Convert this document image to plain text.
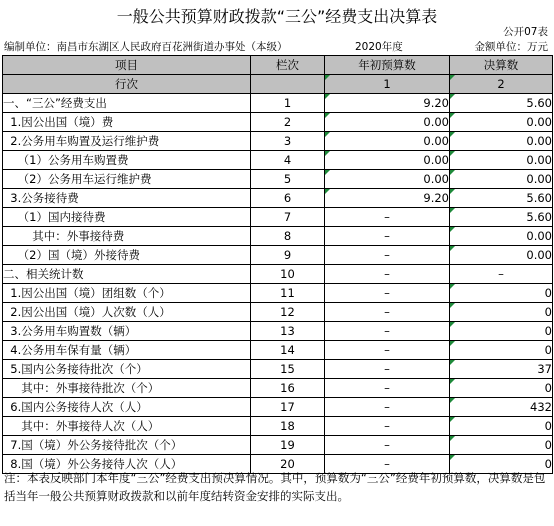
一般公共预算财政拨款“三公”经费支出决算表
公开07表
编制单位：南昌市东湖区人民政府百花洲街道办事处（本级）	2020年度	金额单位：万元
项目	栏次	年初预算数	决算数
行次		1	2
一、“三公”经费支出	1	9.20	5.60
1.因公出国（境）费	2	0.00	0.00
2.公务用车购置及运行维护费	3	0.00	0.00
（1）公务用车购置费	4	0.00	0.00
（2）公务用车运行维护费	5	0.00	0.00
3.公务接待费	6	9.20	5.60
（1）国内接待费	7	–	5.60
其中：外事接待费	8	–	0.00
（2）国（境）外接待费	9	–	0.00
二、相关统计数	10	–	–
1.因公出国（境）团组数（个）	11	–	0
2.因公出国（境）人次数（人）	12	–	0
3.公务用车购置数（辆）	13	–	0
4.公务用车保有量（辆）	14	–	0
5.国内公务接待批次（个）	15	–	37
其中：外事接待批次（个）	16	–	0
6.国内公务接待人次（人）	17	–	432
其中：外事接待人次（人）	18	–	0
7.国（境）外公务接待批次（个）	19	–	0
8.国（境）外公务接待人次（人）	20	–	0
注：本表反映部门本年度“三公”经费支出预决算情况。其中，预算数为“三公”经费年初预算数，决算数是包括当年一般公共预算财政拨款和以前年度结转资金安排的实际支出。
